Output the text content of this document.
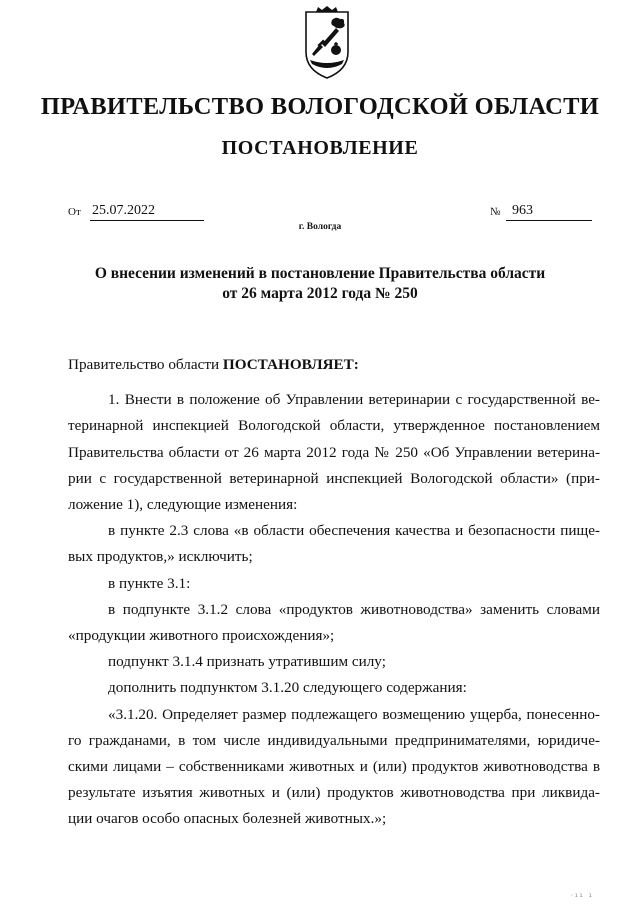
ПРАВИТЕЛЬСТВО ВОЛОГОДСКОЙ ОБЛАСТИ
ПОСТАНОВЛЕНИЕ
От 25.07.2022	№ 963
г. Вологда
О внесении изменений в постановление Правительства области
от 26 марта 2012 года № 250

Правительство области ПОСТАНОВЛЯЕТ:

1. Внести в положение об Управлении ветеринарии с государственной ве-
теринарной инспекцией Вологодской области, утвержденное постановлением
Правительства области от 26 марта 2012 года № 250 «Об Управлении ветерина-
рии с государственной ветеринарной инспекцией Вологодской области» (при-
ложение 1), следующие изменения:

в пункте 2.3 слова «в области обеспечения качества и безопасности пище-
вых продуктов,» исключить;

в пункте 3.1:

в подпункте 3.1.2 слова «продуктов животноводства» заменить словами
«продукции животного происхождения»;

подпункт 3.1.4 признать утратившим силу;

дополнить подпунктом 3.1.20 следующего содержания:

«3.1.20. Определяет размер подлежащего возмещению ущерба, понесенно-
го гражданами, в том числе индивидуальными предпринимателями, юридиче-
скими лицами – собственниками животных и (или) продуктов животноводства в
результате изъятия животных и (или) продуктов животноводства при ликвида-
ции очагов особо опасных болезней животных.»;

·ıı ı
